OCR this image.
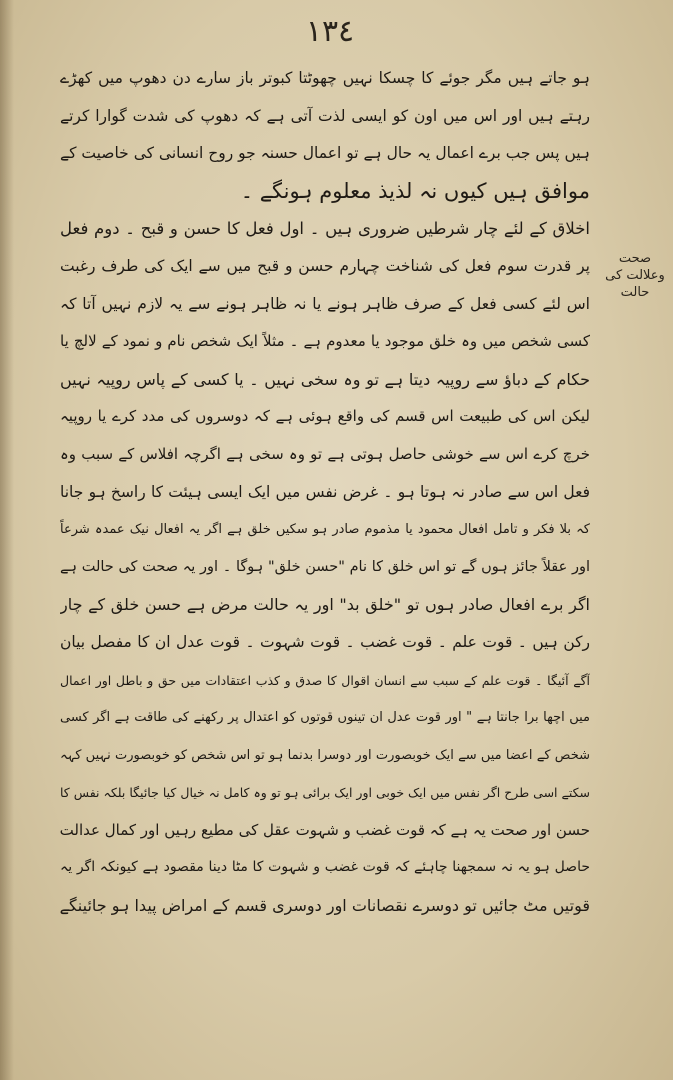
١٣٤
صحت وعلالت کی حالت
ہو جاتے ہیں مگر جوئے کا چسکا نہیں چھوٹتا کبوتر باز سارے دن دھوپ میں کھڑے
رہتے ہیں اور اس میں اون کو ایسی لذت آتی ہے کہ دھوپ کی شدت گوارا کرتے
ہیں پس جب برے اعمال یہ حال ہے تو اعمال حسنہ جو روح انسانی کی خاصیت کے
موافق ہیں کیوں نہ لذیذ معلوم ہونگے ۔
اخلاق کے لئے چار شرطیں ضروری ہیں ۔ اول فعل کا حسن و قبح ۔ دوم فعل
پر قدرت سوم فعل کی شناخت چہارم حسن و قبح میں سے ایک کی طرف رغبت
اس لئے کسی فعل کے صرف ظاہر ہونے یا نہ ظاہر ہونے سے یہ لازم نہیں آتا کہ
کسی شخص میں وہ خلق موجود یا معدوم ہے ۔ مثلاً ایک شخص نام و نمود کے لالچ یا
حکام کے دباؤ سے روپیہ دیتا ہے تو وہ سخی نہیں ۔ یا کسی کے پاس روپیہ نہیں
لیکن اس کی طبیعت اس قسم کی واقع ہوئی ہے کہ دوسروں کی مدد کرے یا روپیہ
خرچ کرے اس سے خوشی حاصل ہوتی ہے تو وہ سخی ہے اگرچہ افلاس کے سبب وہ
فعل اس سے صادر نہ ہوتا ہو ۔ غرض نفس میں ایک ایسی ہیئت کا راسخ ہو جانا
کہ بلا فکر و تامل افعال محمود یا مذموم صادر ہو سکیں خلق ہے اگر یہ افعال نیک عمدہ شرعاً
اور عقلاً جائز ہوں گے تو اس خلق کا نام "حسن خلق" ہوگا ۔ اور یہ صحت کی حالت ہے
اگر برے افعال صادر ہوں تو "خلق بد" اور یہ حالت مرض ہے حسن خلق کے چار
رکن ہیں ۔ قوت علم ۔ قوت غضب ۔ قوت شہوت ۔ قوت عدل ان کا مفصل بیان
آگے آئیگا ۔ قوت علم کے سبب سے انسان اقوال کا صدق و کذب اعتقادات میں حق و باطل اور اعمال
میں اچھا برا جانتا ہے " اور قوت عدل ان تینوں قوتوں کو اعتدال پر رکھنے کی طاقت ہے اگر کسی
شخص کے اعضا میں سے ایک خوبصورت اور دوسرا بدنما ہو تو اس شخص کو خوبصورت نہیں کہہ
سکتے اسی طرح اگر نفس میں ایک خوبی اور ایک برائی ہو تو وہ کامل نہ خیال کیا جائیگا بلکہ نفس کا
حسن اور صحت یہ ہے کہ قوت غضب و شہوت عقل کی مطیع رہیں اور کمال عدالت
حاصل ہو یہ نہ سمجھنا چاہئے کہ قوت غضب و شہوت کا مٹا دینا مقصود ہے کیونکہ اگر یہ
قوتیں مٹ جائیں تو دوسرے نقصانات اور دوسری قسم کے امراض پیدا ہو جائینگے
